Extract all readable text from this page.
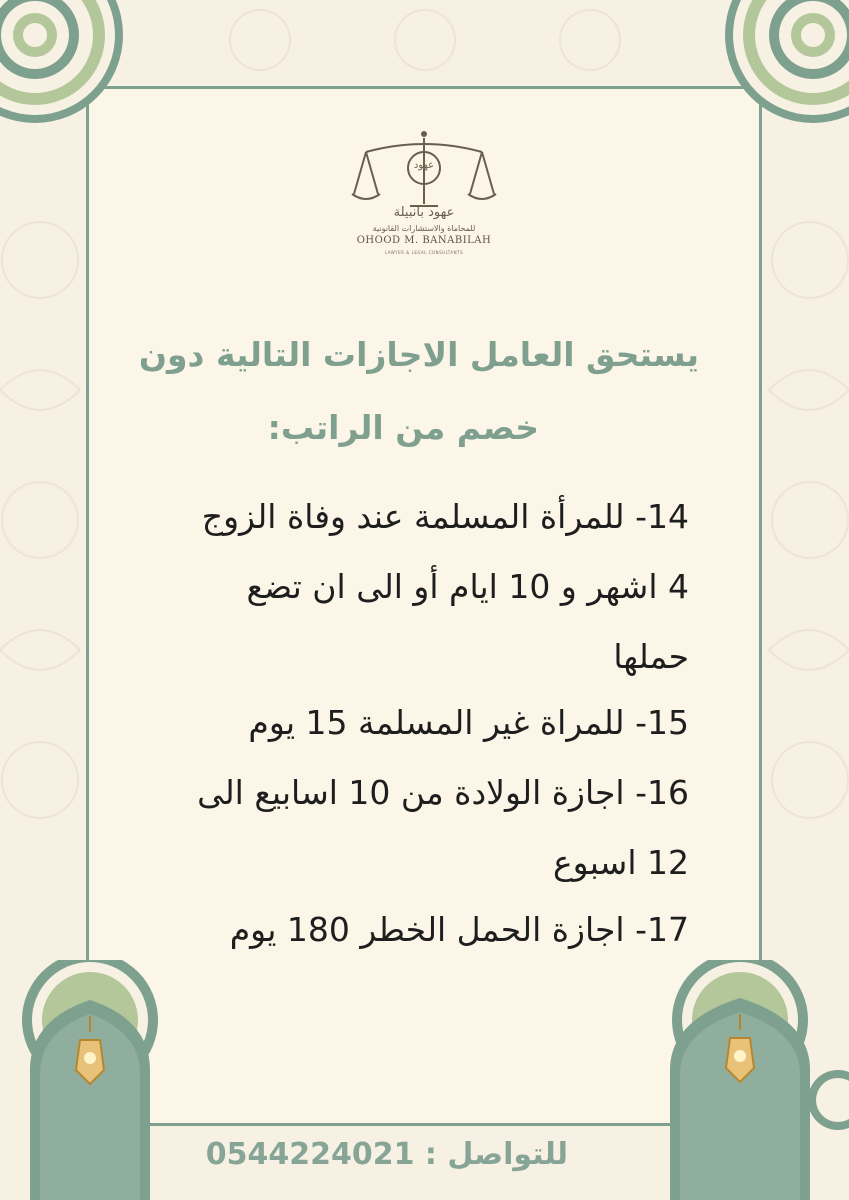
عهود بانبيلة
للمحاماة والاستشارات القانونية
OHOOD M. BANABILAH
LAWYER & LEGAL CONSULTANTS
عهود
يستحق العامل الاجازات التالية دون
خصم من الراتب:
14- للمرأة المسلمة عند وفاة الزوج
4 اشهر و 10 ايام أو الى ان تضع
حملها
15- للمراة غير المسلمة 15 يوم
16- اجازة الولادة من 10 اسابيع الى
12 اسبوع
17- اجازة الحمل الخطر 180 يوم
للتواصل : 0544224021
